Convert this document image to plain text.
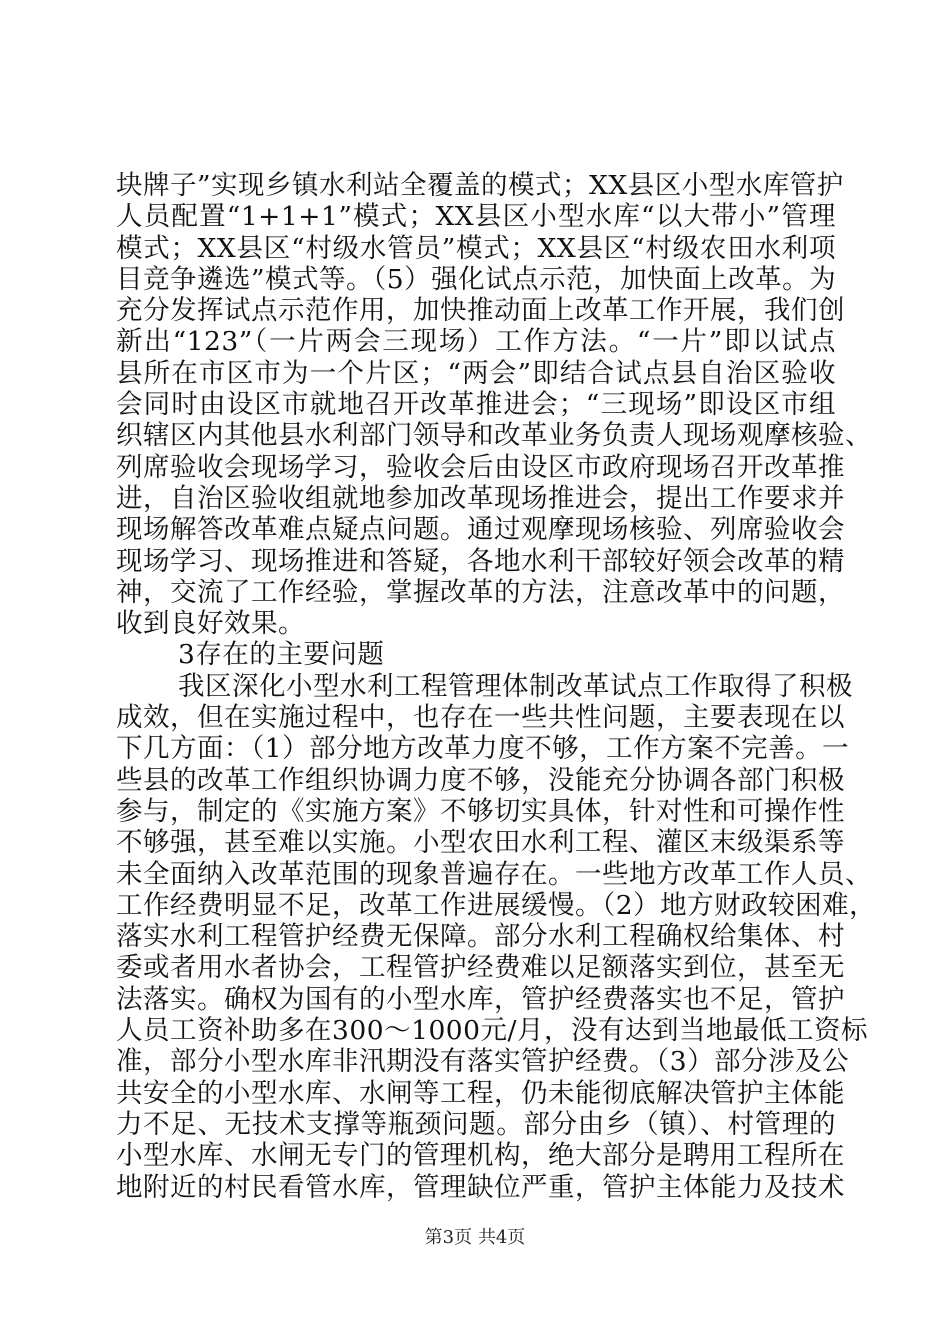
块牌子”实现乡镇水利站全覆盖的模式；XX县区小型水库管护
人员配置“1+1+1”模式；XX县区小型水库“以大带小”管理
模式；XX县区“村级水管员”模式；XX县区“村级农田水利项
目竞争遴选”模式等。（5）强化试点示范，加快面上改革。为
充分发挥试点示范作用，加快推动面上改革工作开展，我们创
新出“123”（一片两会三现场）工作方法。“一片”即以试点
县所在市区市为一个片区；“两会”即结合试点县自治区验收
会同时由设区市就地召开改革推进会；“三现场”即设区市组
织辖区内其他县水利部门领导和改革业务负责人现场观摩核验、
列席验收会现场学习，验收会后由设区市政府现场召开改革推
进，自治区验收组就地参加改革现场推进会，提出工作要求并
现场解答改革难点疑点问题。通过观摩现场核验、列席验收会
现场学习、现场推进和答疑，各地水利干部较好领会改革的精
神，交流了工作经验，掌握改革的方法，注意改革中的问题，
收到良好效果。
3存在的主要问题
我区深化小型水利工程管理体制改革试点工作取得了积极
成效，但在实施过程中，也存在一些共性问题，主要表现在以
下几方面：（1）部分地方改革力度不够，工作方案不完善。一
些县的改革工作组织协调力度不够，没能充分协调各部门积极
参与，制定的《实施方案》不够切实具体，针对性和可操作性
不够强，甚至难以实施。小型农田水利工程、灌区末级渠系等
未全面纳入改革范围的现象普遍存在。一些地方改革工作人员、
工作经费明显不足，改革工作进展缓慢。（2）地方财政较困难，
落实水利工程管护经费无保障。部分水利工程确权给集体、村
委或者用水者协会，工程管护经费难以足额落实到位，甚至无
法落实。确权为国有的小型水库，管护经费落实也不足，管护
人员工资补助多在300～1000元/月，没有达到当地最低工资标
准，部分小型水库非汛期没有落实管护经费。（3）部分涉及公
共安全的小型水库、水闸等工程，仍未能彻底解决管护主体能
力不足、无技术支撑等瓶颈问题。部分由乡（镇）、村管理的
小型水库、水闸无专门的管理机构，绝大部分是聘用工程所在
地附近的村民看管水库，管理缺位严重，管护主体能力及技术
第3页 共4页
